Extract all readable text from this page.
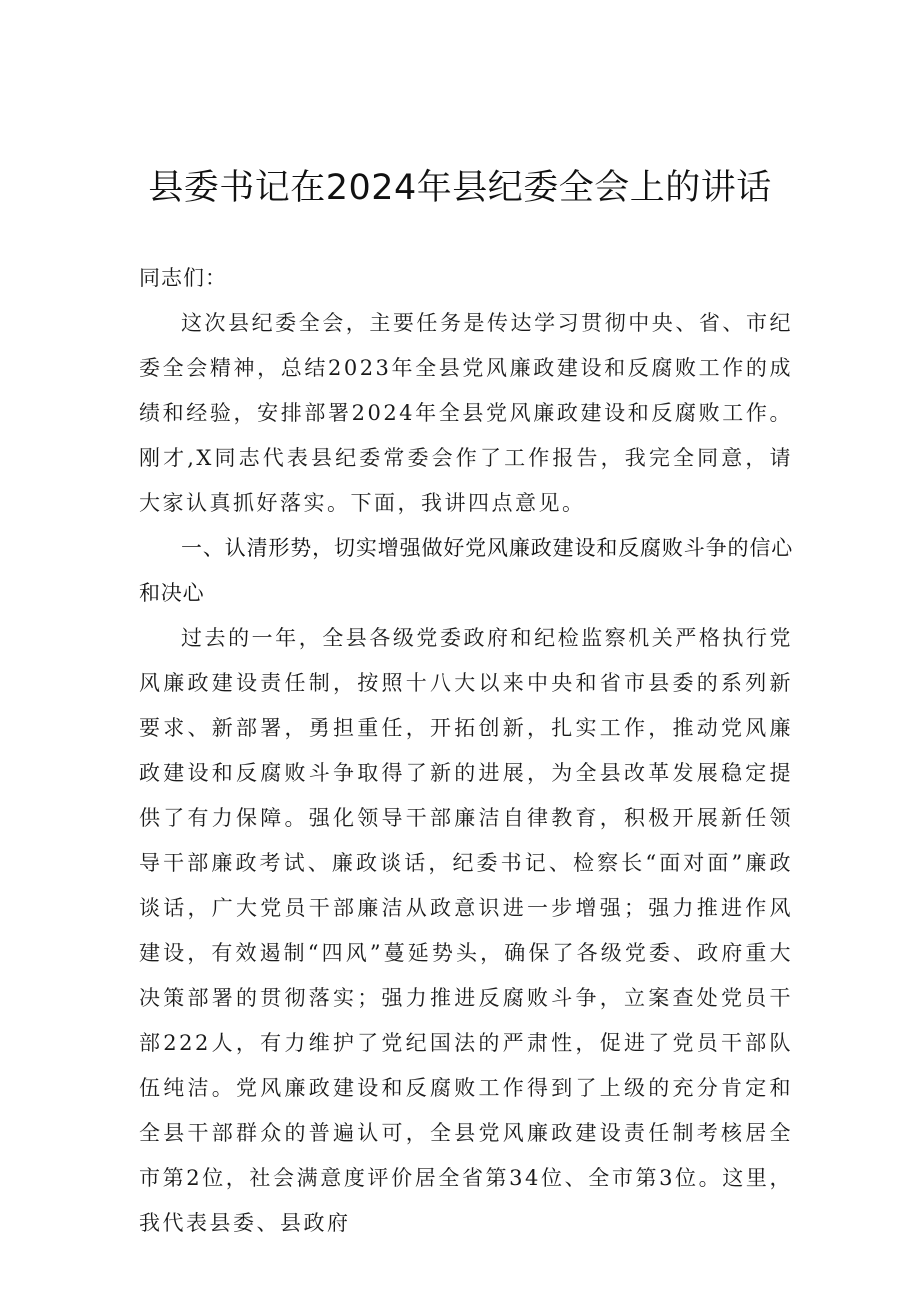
县委书记在2024年县纪委全会上的讲话

同志们：

这次县纪委全会，主要任务是传达学习贯彻中央、省、市纪委全会精神，总结2023年全县党风廉政建设和反腐败工作的成绩和经验，安排部署2024年全县党风廉政建设和反腐败工作。刚才,X同志代表县纪委常委会作了工作报告，我完全同意，请大家认真抓好落实。下面，我讲四点意见。

一、认清形势，切实增强做好党风廉政建设和反腐败斗争的信心和决心

过去的一年，全县各级党委政府和纪检监察机关严格执行党风廉政建设责任制，按照十八大以来中央和省市县委的系列新要求、新部署，勇担重任，开拓创新，扎实工作，推动党风廉政建设和反腐败斗争取得了新的进展，为全县改革发展稳定提供了有力保障。强化领导干部廉洁自律教育，积极开展新任领导干部廉政考试、廉政谈话，纪委书记、检察长“面对面”廉政谈话，广大党员干部廉洁从政意识进一步增强；强力推进作风建设，有效遏制“四风”蔓延势头，确保了各级党委、政府重大决策部署的贯彻落实；强力推进反腐败斗争，立案查处党员干部222人，有力维护了党纪国法的严肃性，促进了党员干部队伍纯洁。党风廉政建设和反腐败工作得到了上级的充分肯定和全县干部群众的普遍认可，全县党风廉政建设责任制考核居全市第2位，社会满意度评价居全省第34位、全市第3位。这里，我代表县委、县政府
